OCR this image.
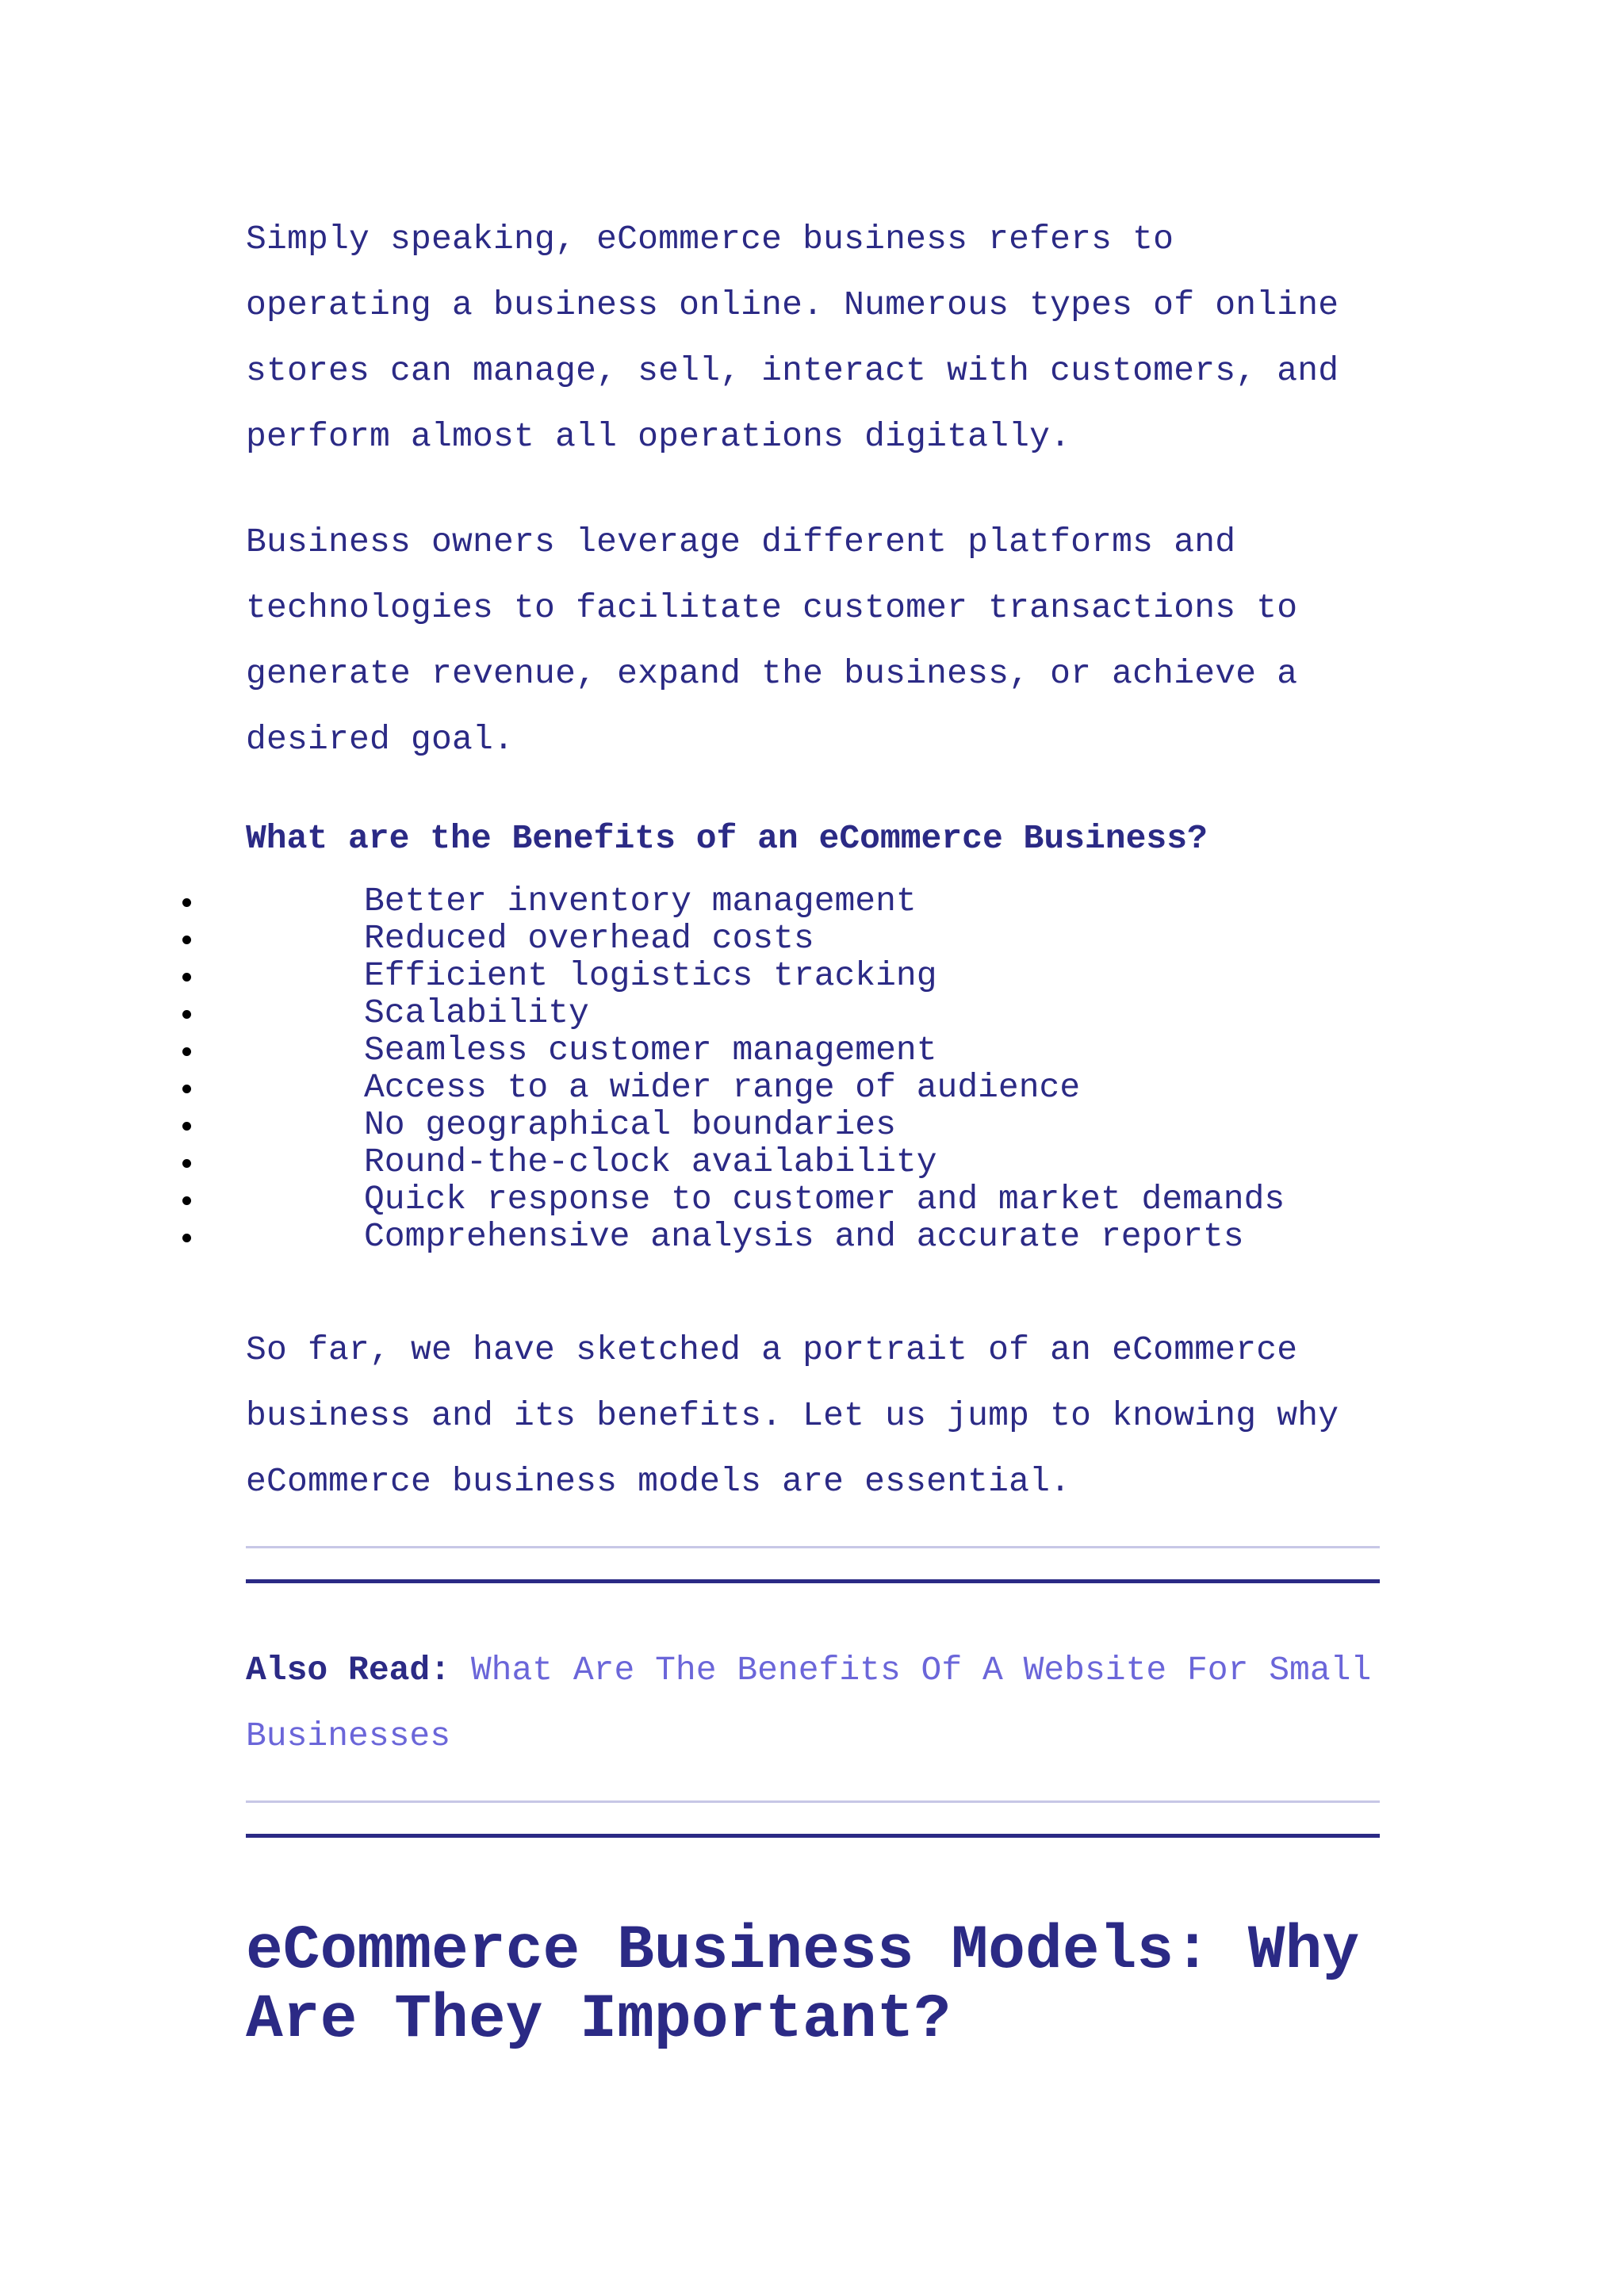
Simply speaking, eCommerce business refers to operating a business online. Numerous types of online stores can manage, sell, interact with customers, and perform almost all operations digitally.

Business owners leverage different platforms and technologies to facilitate customer transactions to generate revenue, expand the business, or achieve a desired goal.

What are the Benefits of an eCommerce Business?
Better inventory management
Reduced overhead costs
Efficient logistics tracking
Scalability
Seamless customer management
Access to a wider range of audience
No geographical boundaries
Round-the-clock availability
Quick response to customer and market demands
Comprehensive analysis and accurate reports

So far, we have sketched a portrait of an eCommerce business and its benefits. Let us jump to knowing why eCommerce business models are essential.

Also Read: What Are The Benefits Of A Website For Small Businesses
eCommerce Business Models: Why Are They Important?
